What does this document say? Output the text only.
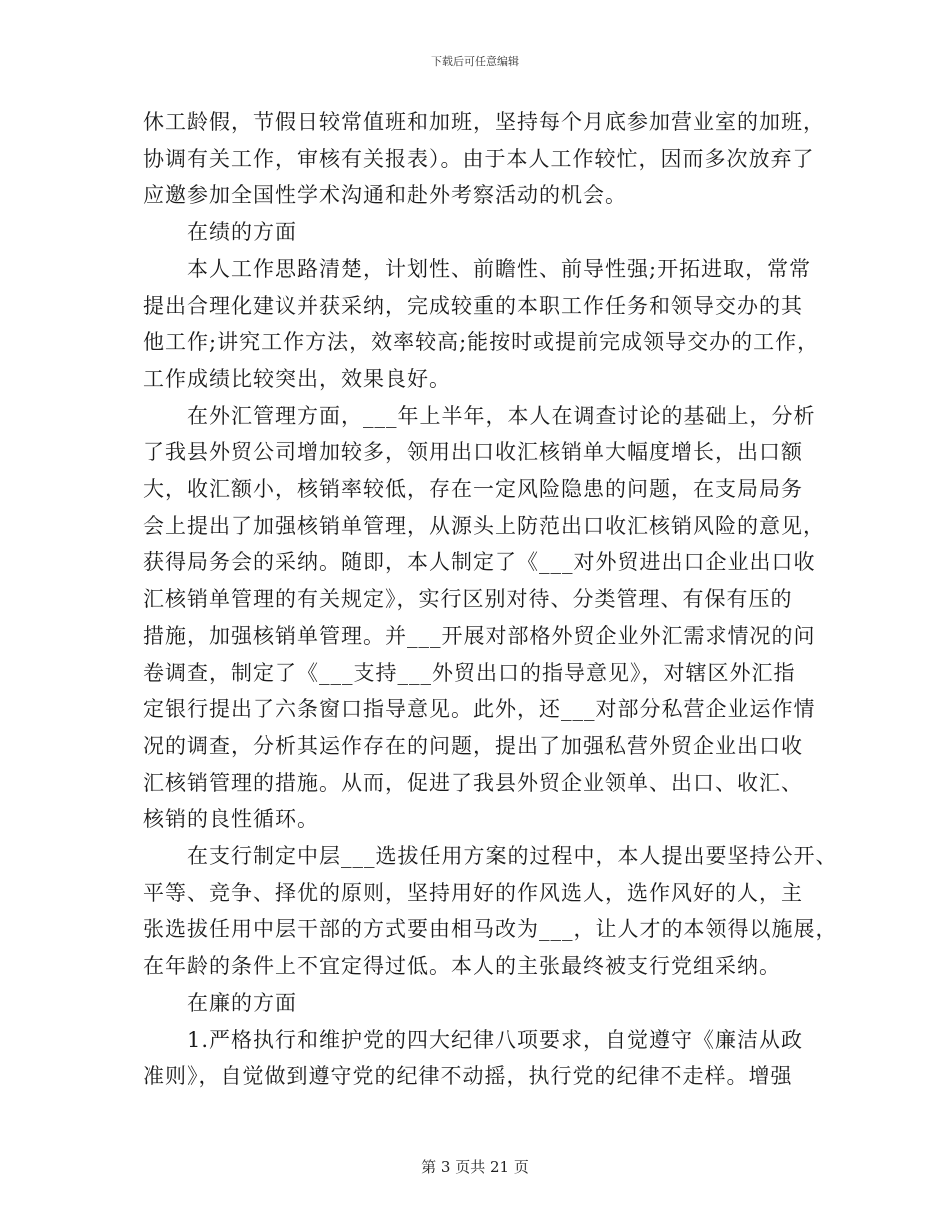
下载后可任意编辑

休工龄假，节假日较常值班和加班，坚持每个月底参加营业室的加班，

协调有关工作，审核有关报表）。由于本人工作较忙，因而多次放弃了

应邀参加全国性学术沟通和赴外考察活动的机会。

在绩的方面

本人工作思路清楚，计划性、前瞻性、前导性强;开拓进取，常常

提出合理化建议并获采纳，完成较重的本职工作任务和领导交办的其

他工作;讲究工作方法，效率较高;能按时或提前完成领导交办的工作，

工作成绩比较突出，效果良好。

在外汇管理方面，___年上半年，本人在调查讨论的基础上，分析

了我县外贸公司增加较多，领用出口收汇核销单大幅度增长，出口额

大，收汇额小，核销率较低，存在一定风险隐患的问题，在支局局务

会上提出了加强核销单管理，从源头上防范出口收汇核销风险的意见，

获得局务会的采纳。随即，本人制定了《___对外贸进出口企业出口收

汇核销单管理的有关规定》，实行区别对待、分类管理、有保有压的

措施，加强核销单管理。并___开展对部格外贸企业外汇需求情况的问

卷调查，制定了《___支持___外贸出口的指导意见》，对辖区外汇指

定银行提出了六条窗口指导意见。此外，还___对部分私营企业运作情

况的调查，分析其运作存在的问题，提出了加强私营外贸企业出口收

汇核销管理的措施。从而，促进了我县外贸企业领单、出口、收汇、

核销的良性循环。

在支行制定中层___选拔任用方案的过程中，本人提出要坚持公开、

平等、竞争、择优的原则，坚持用好的作风选人，选作风好的人，主

张选拔任用中层干部的方式要由相马改为___，让人才的本领得以施展，

在年龄的条件上不宜定得过低。本人的主张最终被支行党组采纳。

在廉的方面

1.严格执行和维护党的四大纪律八项要求，自觉遵守《廉洁从政

准则》，自觉做到遵守党的纪律不动摇，执行党的纪律不走样。增强

第 3 页共 21 页
